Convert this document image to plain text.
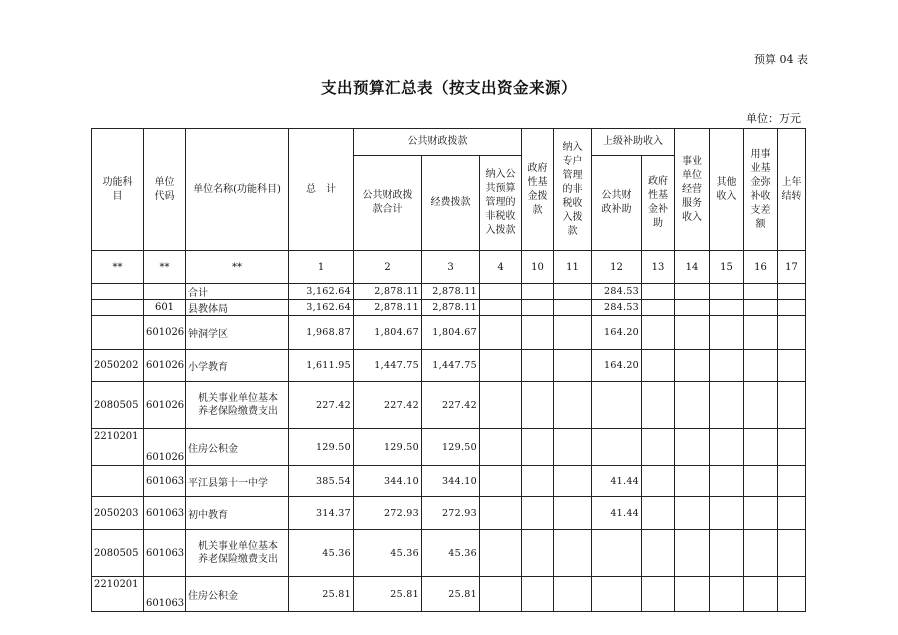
预算 04 表
支出预算汇总表（按支出资金来源）
单位：万元
功能科目	单位代码	单位名称(功能科目)	总　计	公共财政拨款			政府性基金拨款	纳入专户管理的非税收入拨款	上级补助收入		事业单位经营服务收入	其他收入	用事业基金弥补收支差额	上年结转
				公共财政拨款合计	经费拨款	纳入公共预算管理的非税收入拨款			公共财政补助	政府性基金补助				
**	**	**	1	2	3	4	10	11	12	13	14	15	16	17
		合计	3,162.64	2,878.11	2,878.11				284.53					
	601	县教体局	3,162.64	2,878.11	2,878.11				284.53					
	601026	钟洞学区	1,968.87	1,804.67	1,804.67				164.20					
2050202	601026	小学教育	1,611.95	1,447.75	1,447.75				164.20					
2080505	601026	机关事业单位基本养老保险缴费支出	227.42	227.42	227.42									
2210201	601026	住房公积金	129.50	129.50	129.50									
	601063	平江县第十一中学	385.54	344.10	344.10				41.44					
2050203	601063	初中教育	314.37	272.93	272.93				41.44					
2080505	601063	机关事业单位基本养老保险缴费支出	45.36	45.36	45.36									
2210201	601063	住房公积金	25.81	25.81	25.81									
